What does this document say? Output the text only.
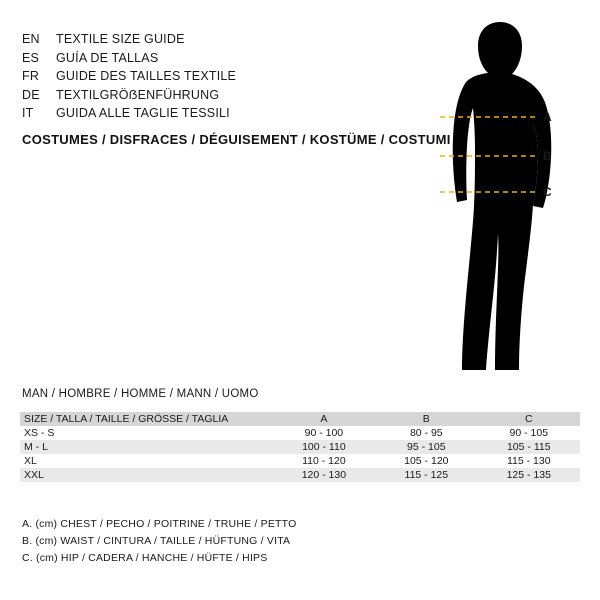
EN	TEXTILE SIZE GUIDE
ES	GUÍA DE TALLAS
FR	GUIDE DES TAILLES TEXTILE
DE	TEXTILGRÖẞENFÜHRUNG
IT	GUIDA ALLE TAGLIE TESSILI
COSTUMES / DISFRACES / DÉGUISEMENT / KOSTÜME / COSTUMI
A
B
C
MAN / HOMBRE / HOMME / MANN / UOMO
SIZE / TALLA / TAILLE / GRÖSSE / TAGLIA	A	B	C
XS - S	90 - 100	80 - 95	90 - 105
M - L	100 - 110	95 - 105	105 - 115
XL	110 - 120	105 - 120	115 - 130
XXL	120 - 130	115 - 125	125 - 135
A. (cm) CHEST / PECHO / POITRINE / TRUHE / PETTO
B. (cm) WAIST / CINTURA / TAILLE / HÜFTUNG / VITA
C. (cm) HIP / CADERA / HANCHE / HÜFTE / HIPS
